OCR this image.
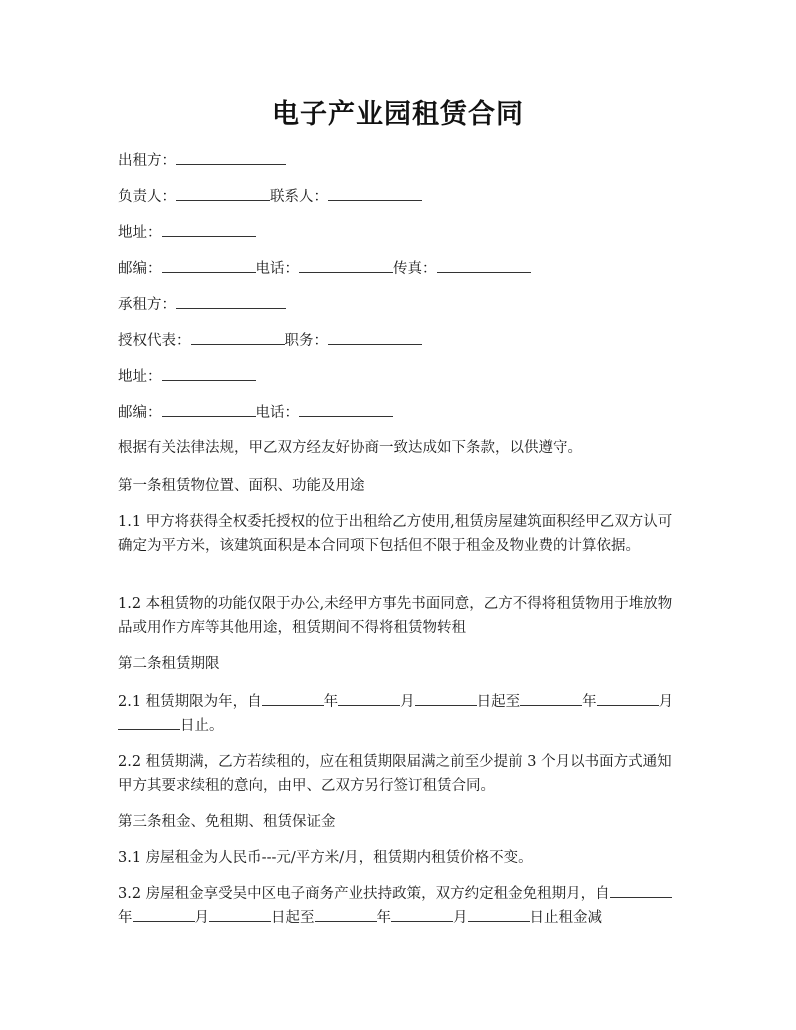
电子产业园租赁合同
出租方：
负责人：	联系人：
地址：
邮编：	电话：	传真：
承租方：
授权代表：	职务：
地址：
邮编：	电话：
根据有关法律法规，甲乙双方经友好协商一致达成如下条款，以供遵守。
第一条租赁物位置、面积、功能及用途
1.1 甲方将获得全权委托授权的位于出租给乙方使用,租赁房屋建筑面积经甲乙双方认可确定为平方米，该建筑面积是本合同项下包括但不限于租金及物业费的计算依据。
1.2 本租赁物的功能仅限于办公,未经甲方事先书面同意，乙方不得将租赁物用于堆放物品或用作方库等其他用途，租赁期间不得将租赁物转租
第二条租赁期限
2.1 租赁期限为年，自	年	月	日起至	年	月日止。
2.2 租赁期满，乙方若续租的，应在租赁期限届满之前至少提前 3 个月以书面方式通知甲方其要求续租的意向，由甲、乙双方另行签订租赁合同。
第三条租金、免租期、租赁保证金
3.1 房屋租金为人民币---元/平方米/月，租赁期内租赁价格不变。
3.2 房屋租金享受吴中区电子商务产业扶持政策，双方约定租金免租期月，自年	月	日起至	年	月	日止租金减
